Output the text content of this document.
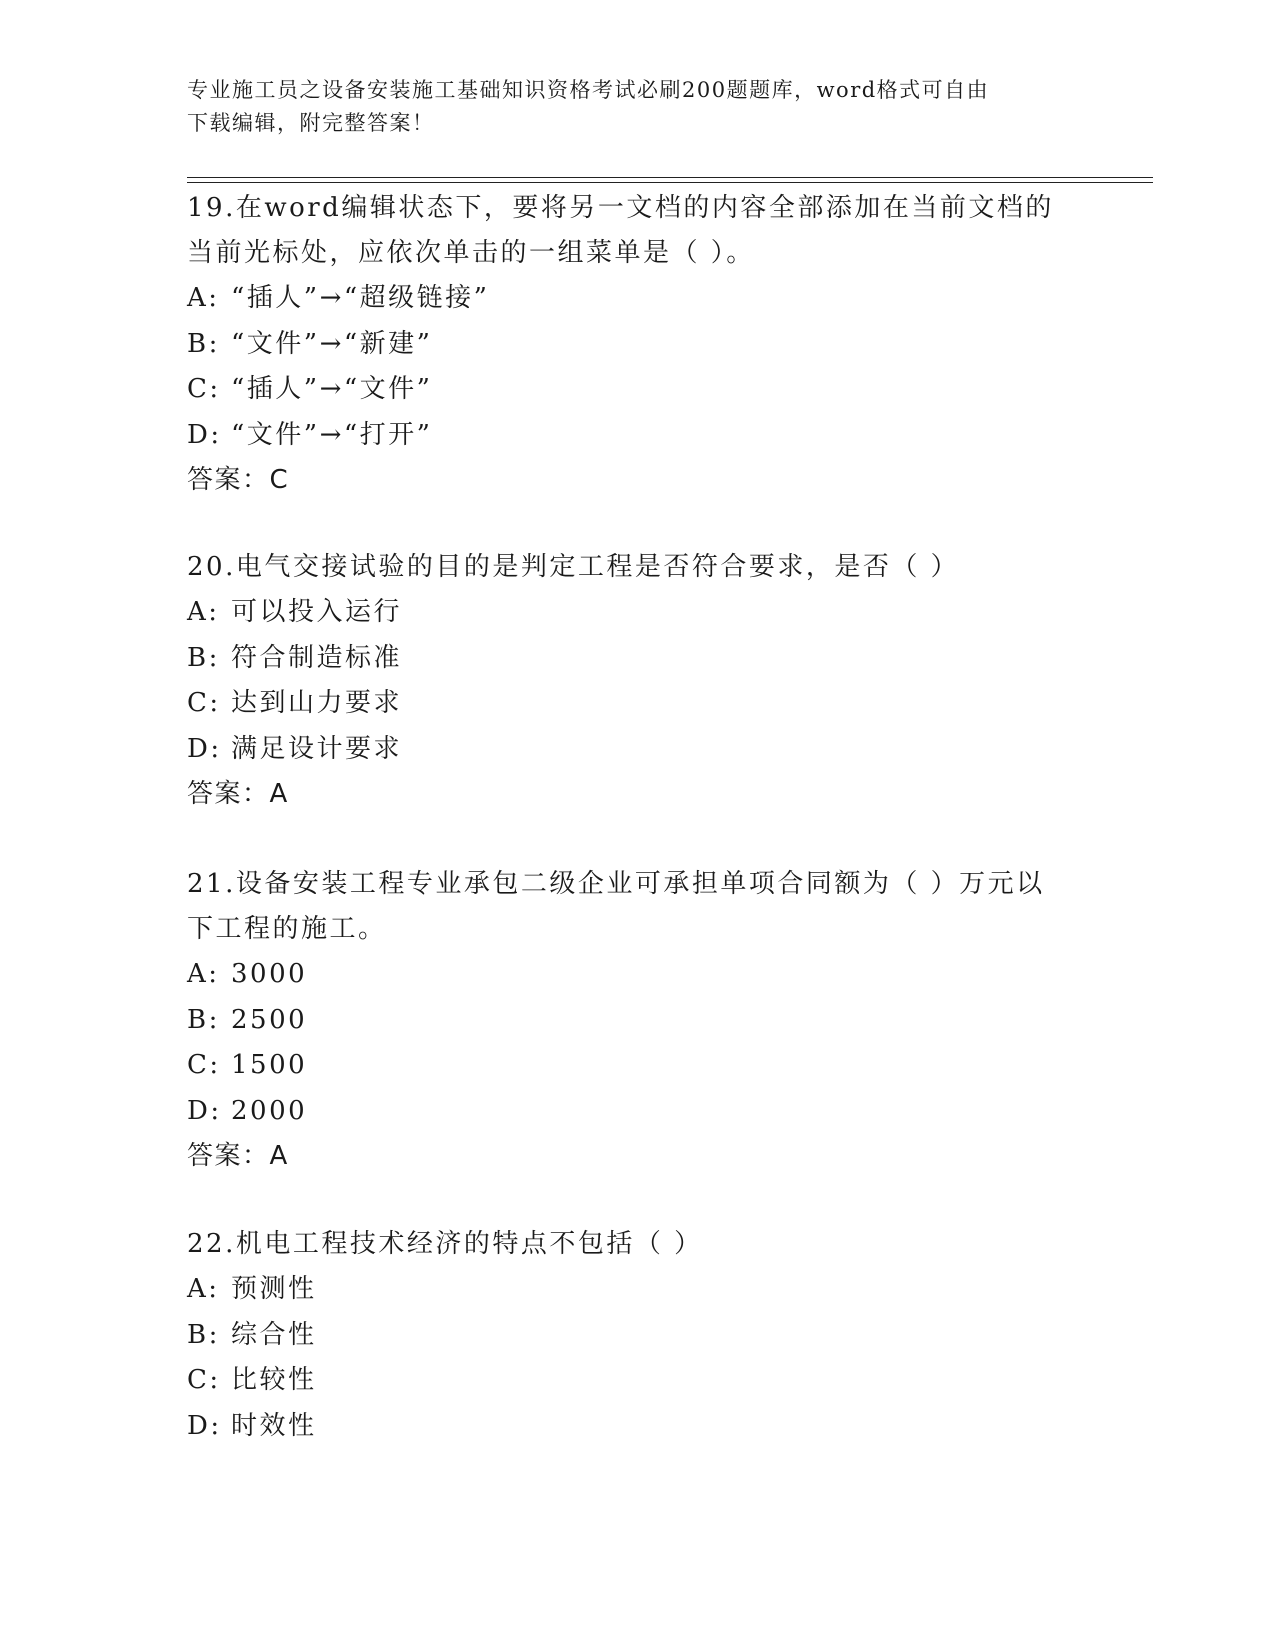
专业施工员之设备安装施工基础知识资格考试必刷200题题库，word格式可自由
下载编辑，附完整答案！

19.在word编辑状态下，要将另一文档的内容全部添加在当前文档的

当前光标处，应依次单击的一组菜单是（ ）。

A: “插人”→“超级链接”

B: “文件”→“新建”

C: “插人”→“文件”

D: “文件”→“打开”

答案：C

20.电气交接试验的目的是判定工程是否符合要求，是否（ ）

A: 可以投入运行

B: 符合制造标准

C: 达到山力要求

D: 满足设计要求

答案：A

21.设备安装工程专业承包二级企业可承担单项合同额为（ ）万元以

下工程的施工。

A: 3000

B: 2500

C: 1500

D: 2000

答案：A

22.机电工程技术经济的特点不包括（ ）

A: 预测性

B: 综合性

C: 比较性

D: 时效性
